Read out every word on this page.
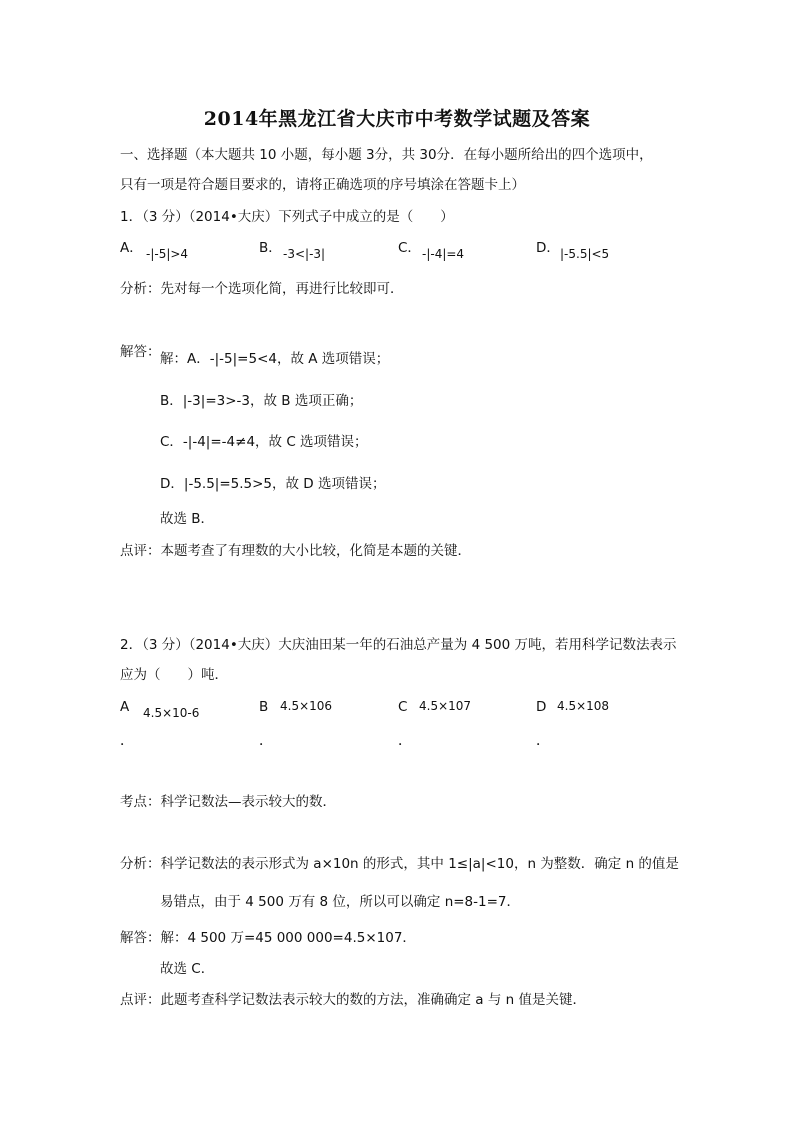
2014年黑龙江省大庆市中考数学试题及答案
一、选择题（本大题共 10 小题，每小题 3分，共 30分．在每小题所给出的四个选项中，
只有一项是符合题目要求的，请将正确选项的序号填涂在答题卡上）
1．（3 分）（2014•大庆）下列式子中成立的是（　　）
A． -|-5|>4	B． -3<|-3|	C． -|-4|=4	D． |-5.5|<5
分析：先对每一个选项化简，再进行比较即可．
解答： 解：A．-|-5|=5<4，故 A 选项错误；
B．|-3|=3>-3，故 B 选项正确；
C．-|-4|=-4≠4，故 C 选项错误；
D．|-5.5|=5.5>5，故 D 选项错误；
故选 B．
点评：本题考查了有理数的大小比较，化简是本题的关键．
2．（3 分）（2014•大庆）大庆油田某一年的石油总产量为 4 500 万吨，若用科学记数法表示
应为（　　）吨．
A 4.5×10-6
．
B 4.5×106
．
C 4.5×107
．
D 4.5×108
．
考点：科学记数法—表示较大的数．
分析：科学记数法的表示形式为 a×10n 的形式，其中 1≤|a|<10，n 为整数．确定 n 的值是
易错点，由于 4 500 万有 8 位，所以可以确定 n=8-1=7．
解答：解：4 500 万=45 000 000=4.5×107．
故选 C．
点评：此题考查科学记数法表示较大的数的方法，准确确定 a 与 n 值是关键．
